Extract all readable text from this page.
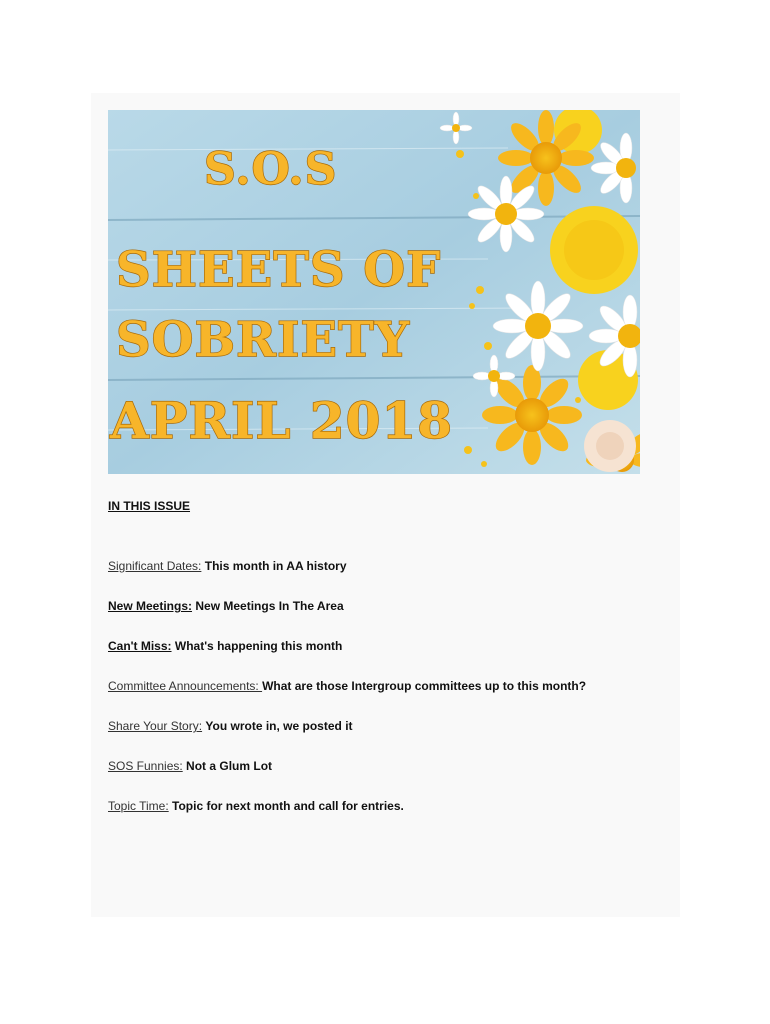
S.O.S
SHEETS OF
SOBRIETY
APRIL 2018

IN THIS ISSUE

Significant Dates: This month in AA history
New Meetings: New Meetings In The Area
Can't Miss: What's happening this month
Committee Announcements: What are those Intergroup committees up to this month?
Share Your Story: You wrote in, we posted it
SOS Funnies: Not a Glum Lot
Topic Time: Topic for next month and call for entries.
